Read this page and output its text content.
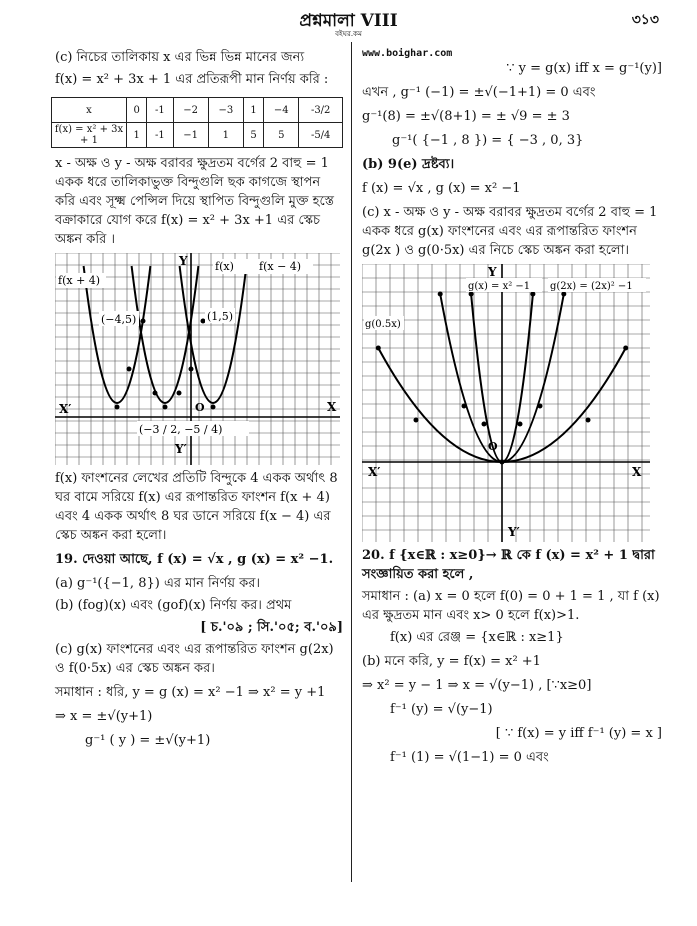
প্রশ্নমালা VIII
বইঘর.কম
৩১৩

(c) নিচের তালিকায় x এর ভিন্ন ভিন্ন মানের জন্য

f(x) = x² + 3x + 1 এর প্রতিরূপী মান নির্ণয় করি :

x	0	-1	−2	−3	1	−4	-3/2
f(x) = x² + 3x + 1	1	-1	−1	1	5	5	-5/4

x - অক্ষ ও y - অক্ষ বরাবর ক্ষুদ্রতম বর্গের 2 বাহু = 1 একক ধরে তালিকাভুক্ত বিন্দুগুলি ছক কাগজে স্থাপন করি এবং সূক্ষ্ম পেন্সিল দিয়ে স্থাপিত বিন্দুগুলি মুক্ত হস্তে বক্রাকারে যোগ করে f(x) = x² + 3x +1 এর স্কেচ অঙ্কন করি ।

f(x + 4)
f(x) f(x − 4)
(−4,5)	(1,5)
(−3 / 2, −5 / 4)
O	X
X′
Y
Y′

f(x) ফাংশনের লেখের প্রতিটি বিন্দুকে 4 একক অর্থাৎ 8 ঘর বামে সরিয়ে f(x) এর রূপান্তরিত ফাংশন f(x + 4) এবং 4 একক অর্থাৎ 8 ঘর ডানে সরিয়ে f(x − 4) এর স্কেচ অঙ্কন করা হলো।

19. দেওয়া আছে, f (x) = √x , g (x) = x² −1.

(a) g⁻¹({−1, 8}) এর মান নির্ণয় কর।

(b) (fog)(x) এবং (gof)(x) নির্ণয় কর। প্রথম

[ চ.'০৯ ; সি.'০৫; ব.'০৯]

(c) g(x) ফাংশনের এবং এর রূপান্তরিত ফাংশন g(2x) ও f(0·5x) এর স্কেচ অঙ্কন কর।

সমাধান : ধরি, y = g (x) = x² −1 ⇒ x² = y +1

⇒ x = ±√(y+1)

g⁻¹ ( y ) = ±√(y+1)

www.boighar.com

∵ y = g(x) iff x = g⁻¹(y)]

এখন , g⁻¹ (−1) = ±√(−1+1) = 0 এবং

g⁻¹(8) = ±√(8+1) = ± √9 = ± 3

g⁻¹( {−1 , 8 }) = { −3 , 0, 3}

(b) 9(e) দ্রষ্টব্য।

f (x) = √x , g (x) = x² −1

(c) x - অক্ষ ও y - অক্ষ বরাবর ক্ষুদ্রতম বর্গের 2 বাহু = 1 একক ধরে g(x) ফাংশনের এবং এর রূপান্তরিত ফাংশন g(2x ) ও g(0·5x) এর নিচে স্কেচ অঙ্কন করা হলো।

g(0.5x)
g(x) = x² −1 g(2x) = (2x)² −1
O
X
X′
Y
Y′

20. f {x∈ℝ : x≥0}→ ℝ কে f (x) = x² + 1 দ্বারা সংজ্ঞায়িত করা হলে ,

সমাধান : (a) x = 0 হলে f(0) = 0 + 1 = 1 , যা f (x) এর ক্ষুদ্রতম মান এবং x> 0 হলে f(x)>1.

f(x) এর রেঞ্জ = {x∈ℝ : x≥1}

(b) মনে করি, y = f(x) = x² +1

⇒ x² = y − 1 ⇒ x = √(y−1) , [∵x≥0]

f⁻¹ (y) = √(y−1)

[ ∵ f(x) = y iff f⁻¹ (y) = x ]

f⁻¹ (1) = √(1−1) = 0 এবং
